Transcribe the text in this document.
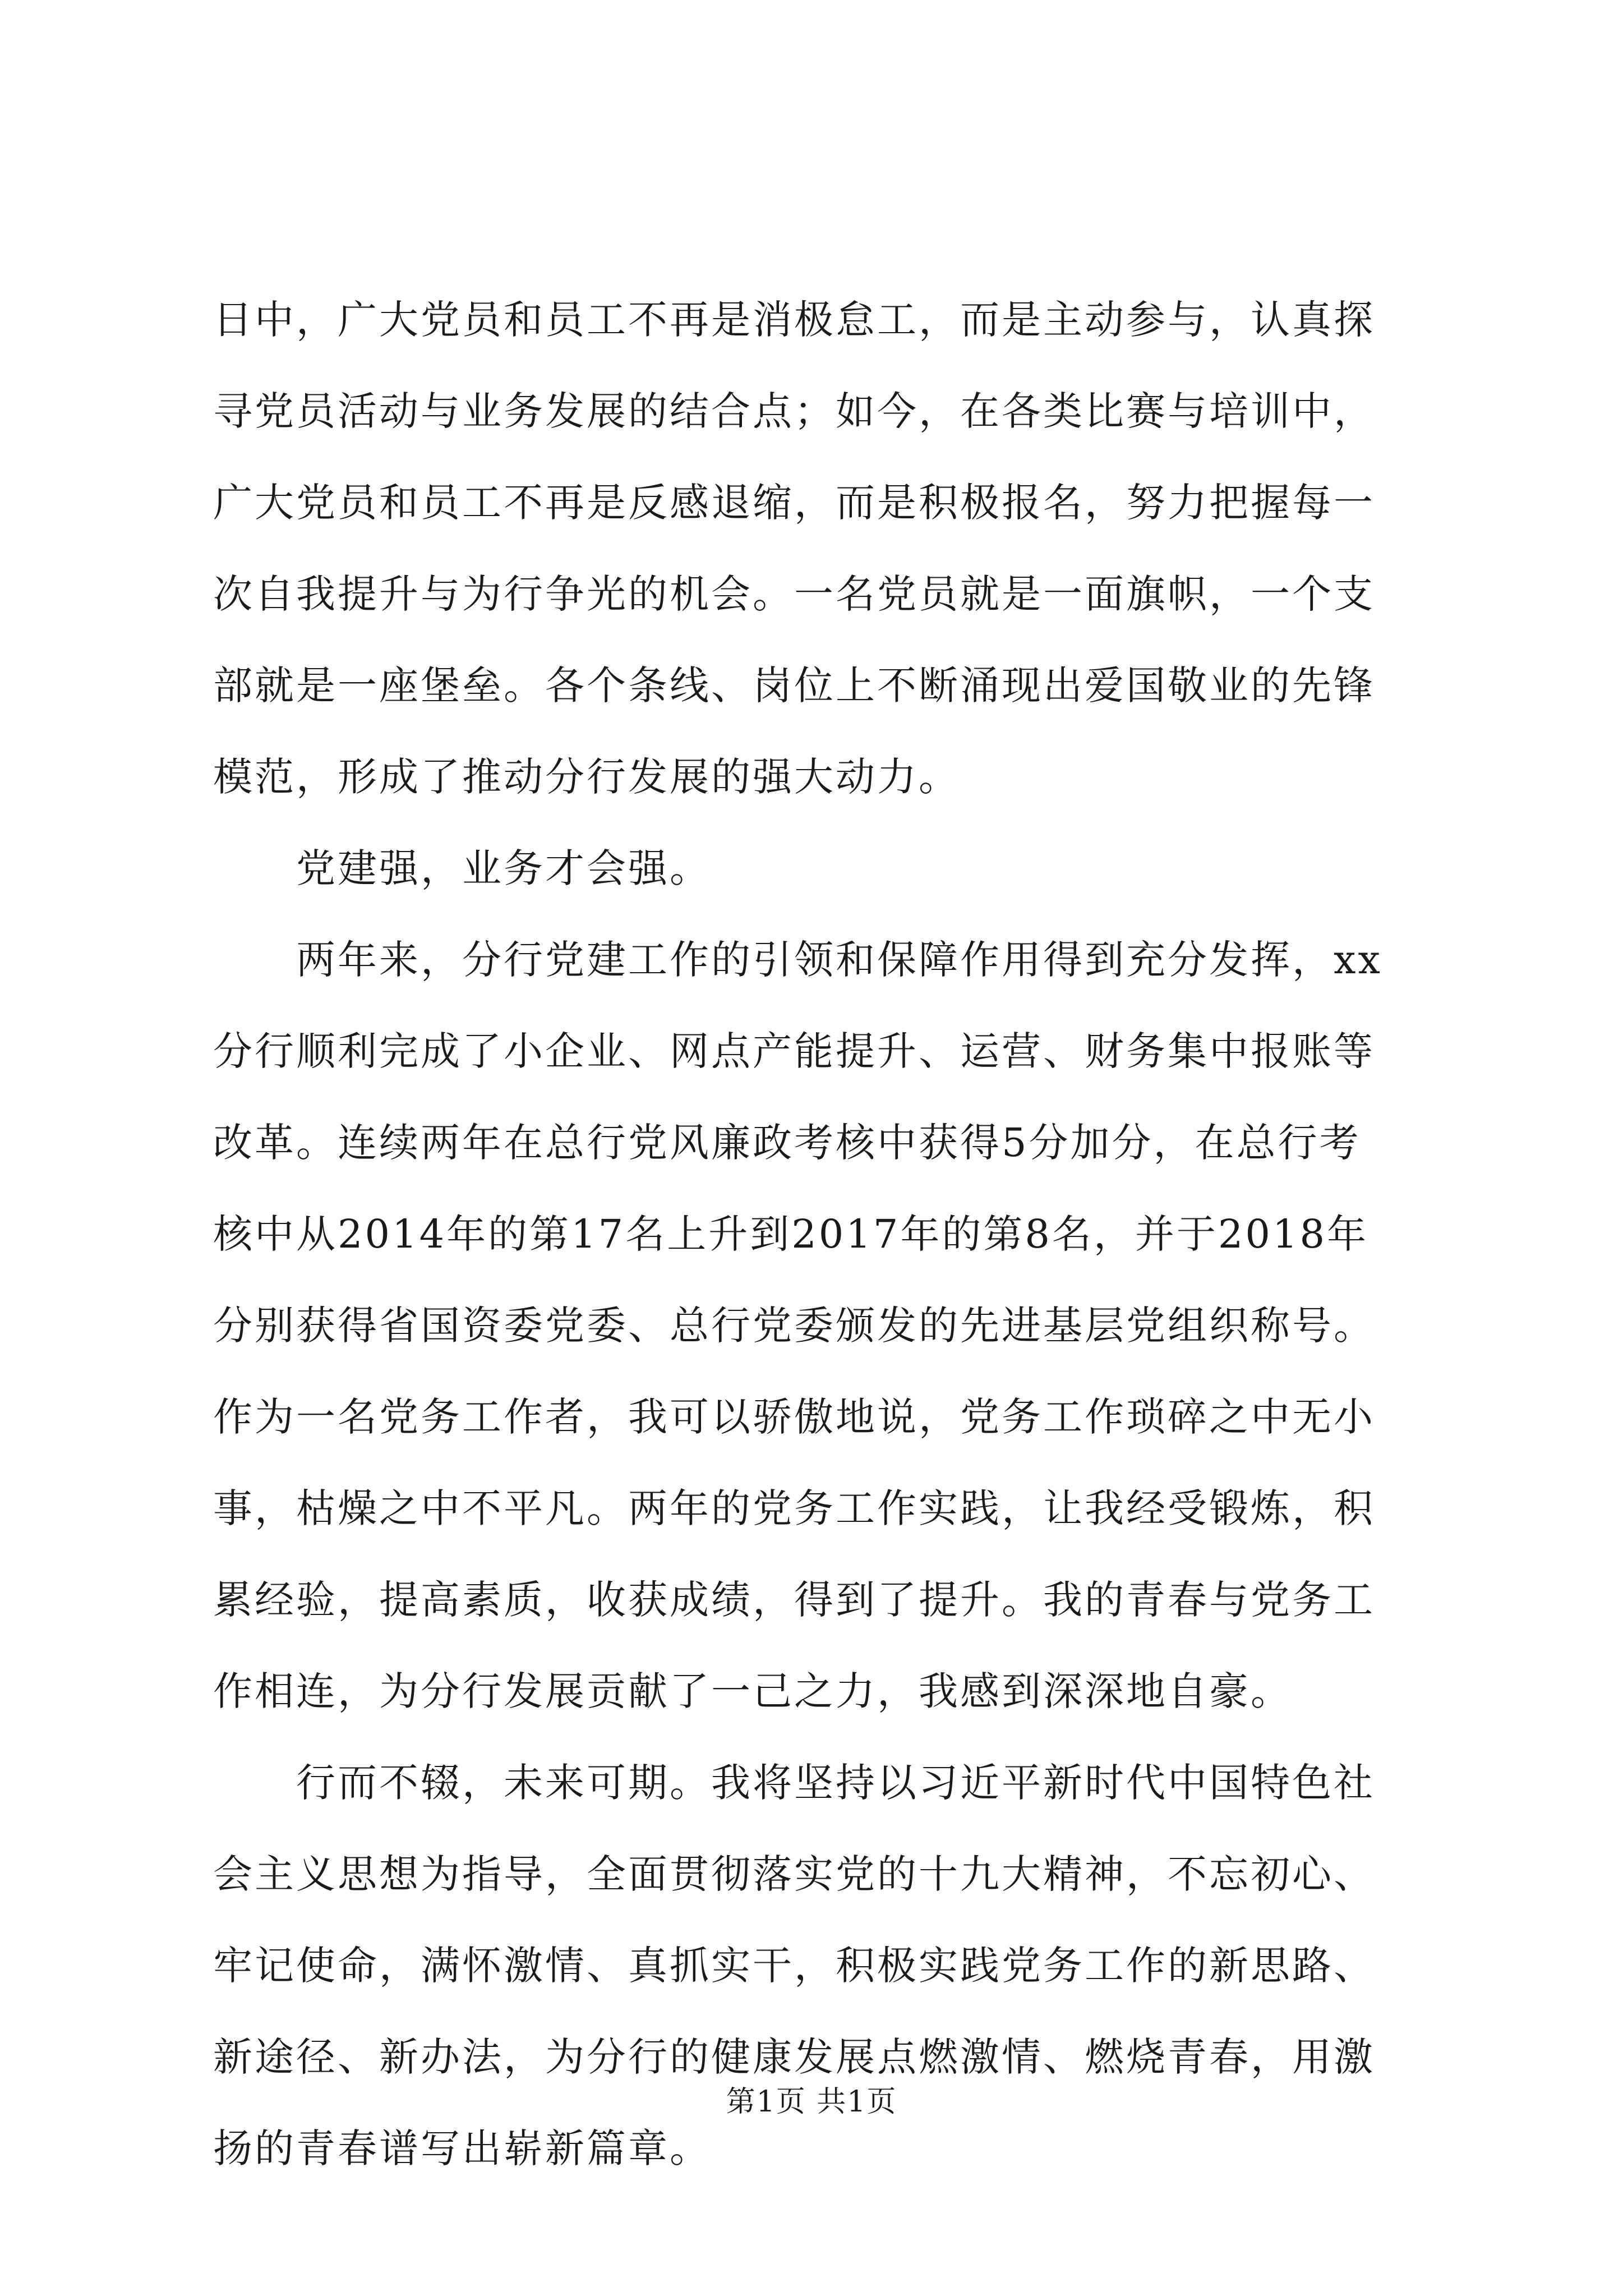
日中，广大党员和员工不再是消极怠工，而是主动参与，认真探
寻党员活动与业务发展的结合点；如今，在各类比赛与培训中，
广大党员和员工不再是反感退缩，而是积极报名，努力把握每一
次自我提升与为行争光的机会。一名党员就是一面旗帜，一个支
部就是一座堡垒。各个条线、岗位上不断涌现出爱国敬业的先锋
模范，形成了推动分行发展的强大动力。
　　党建强，业务才会强。
　　两年来，分行党建工作的引领和保障作用得到充分发挥，xx
分行顺利完成了小企业、网点产能提升、运营、财务集中报账等
改革。连续两年在总行党风廉政考核中获得5分加分，在总行考
核中从2014年的第17名上升到2017年的第8名，并于2018年
分别获得省国资委党委、总行党委颁发的先进基层党组织称号。
作为一名党务工作者，我可以骄傲地说，党务工作琐碎之中无小
事，枯燥之中不平凡。两年的党务工作实践，让我经受锻炼，积
累经验，提高素质，收获成绩，得到了提升。我的青春与党务工
作相连，为分行发展贡献了一己之力，我感到深深地自豪。
　　行而不辍，未来可期。我将坚持以习近平新时代中国特色社
会主义思想为指导，全面贯彻落实党的十九大精神，不忘初心、
牢记使命，满怀激情、真抓实干，积极实践党务工作的新思路、
新途径、新办法，为分行的健康发展点燃激情、燃烧青春，用激
扬的青春谱写出崭新篇章。
第1页 共1页
